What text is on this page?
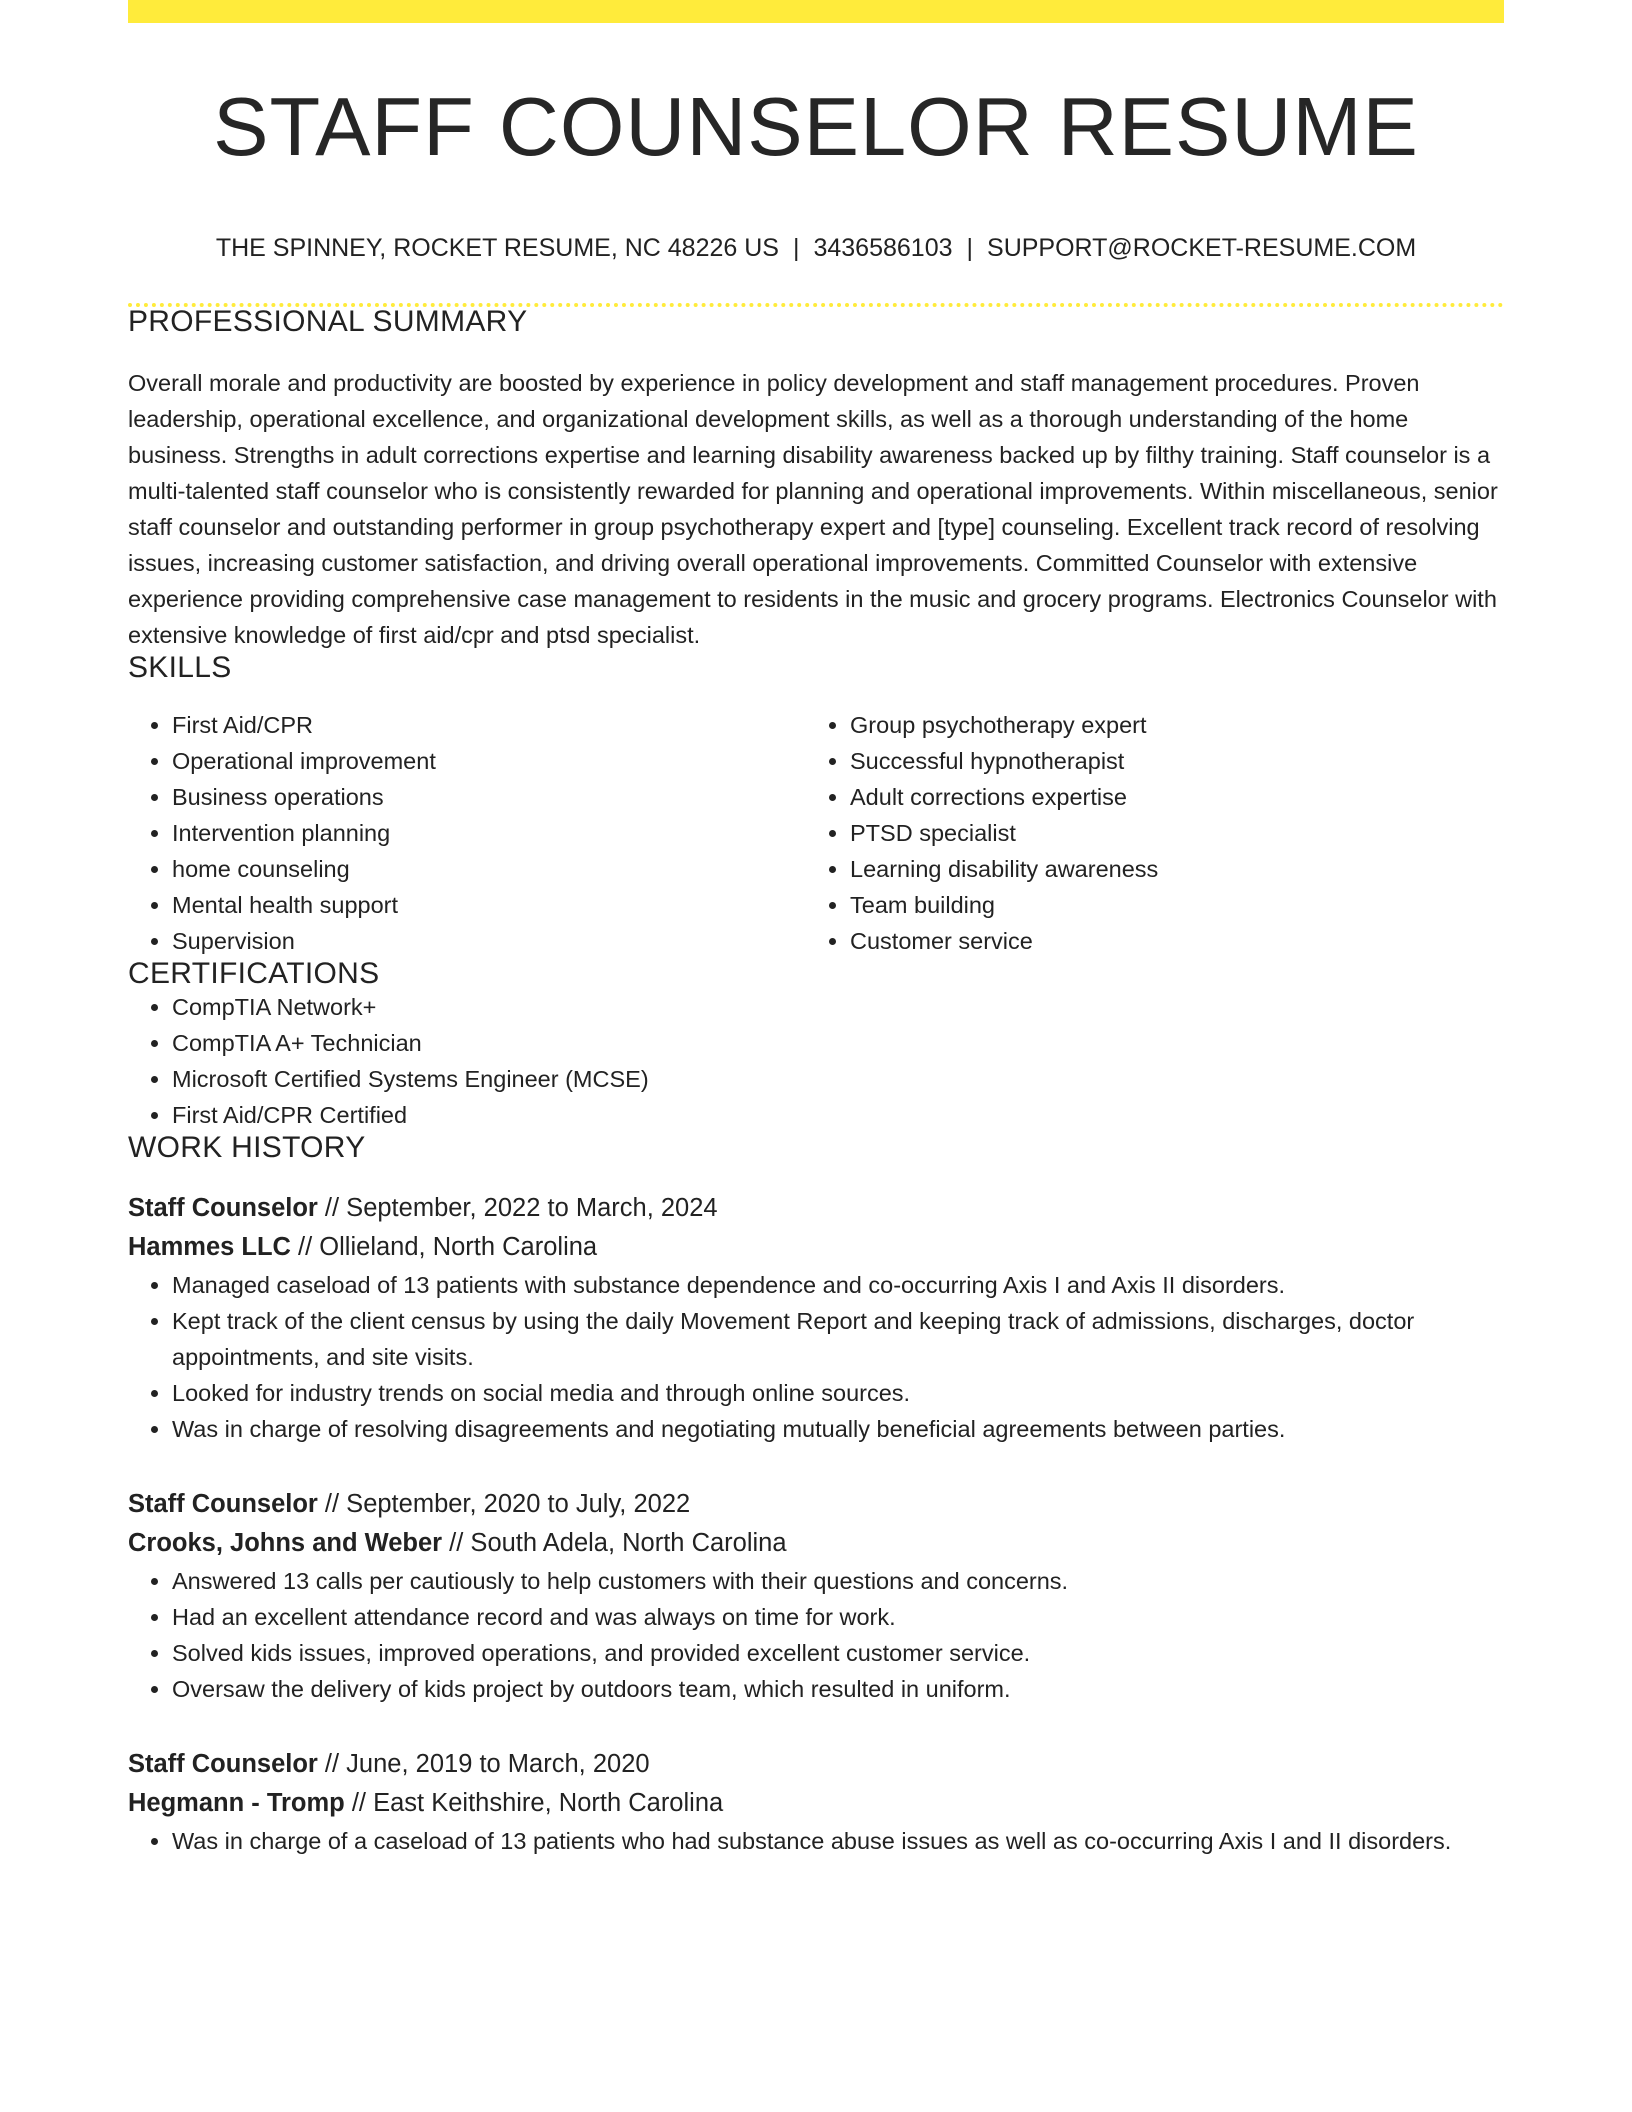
STAFF COUNSELOR RESUME
THE SPINNEY, ROCKET RESUME, NC 48226 US | 3436586103 | SUPPORT@ROCKET-RESUME.COM
PROFESSIONAL SUMMARY
Overall morale and productivity are boosted by experience in policy development and staff management procedures. Proven leadership, operational excellence, and organizational development skills, as well as a thorough understanding of the home business. Strengths in adult corrections expertise and learning disability awareness backed up by filthy training. Staff counselor is a multi-talented staff counselor who is consistently rewarded for planning and operational improvements. Within miscellaneous, senior staff counselor and outstanding performer in group psychotherapy expert and [type] counseling. Excellent track record of resolving issues, increasing customer satisfaction, and driving overall operational improvements. Committed Counselor with extensive experience providing comprehensive case management to residents in the music and grocery programs. Electronics Counselor with extensive knowledge of first aid/cpr and ptsd specialist.
SKILLS
• First Aid/CPR
• Operational improvement
• Business operations
• Intervention planning
• home counseling
• Mental health support
• Supervision
• Group psychotherapy expert
• Successful hypnotherapist
• Adult corrections expertise
• PTSD specialist
• Learning disability awareness
• Team building
• Customer service
CERTIFICATIONS
• CompTIA Network+
• CompTIA A+ Technician
• Microsoft Certified Systems Engineer (MCSE)
• First Aid/CPR Certified
WORK HISTORY
Staff Counselor // September, 2022 to March, 2024
Hammes LLC // Ollieland, North Carolina
• Managed caseload of 13 patients with substance dependence and co-occurring Axis I and Axis II disorders.
• Kept track of the client census by using the daily Movement Report and keeping track of admissions, discharges, doctor appointments, and site visits.
• Looked for industry trends on social media and through online sources.
• Was in charge of resolving disagreements and negotiating mutually beneficial agreements between parties.
Staff Counselor // September, 2020 to July, 2022
Crooks, Johns and Weber // South Adela, North Carolina
• Answered 13 calls per cautiously to help customers with their questions and concerns.
• Had an excellent attendance record and was always on time for work.
• Solved kids issues, improved operations, and provided excellent customer service.
• Oversaw the delivery of kids project by outdoors team, which resulted in uniform.
Staff Counselor // June, 2019 to March, 2020
Hegmann - Tromp // East Keithshire, North Carolina
• Was in charge of a caseload of 13 patients who had substance abuse issues as well as co-occurring Axis I and II disorders.
